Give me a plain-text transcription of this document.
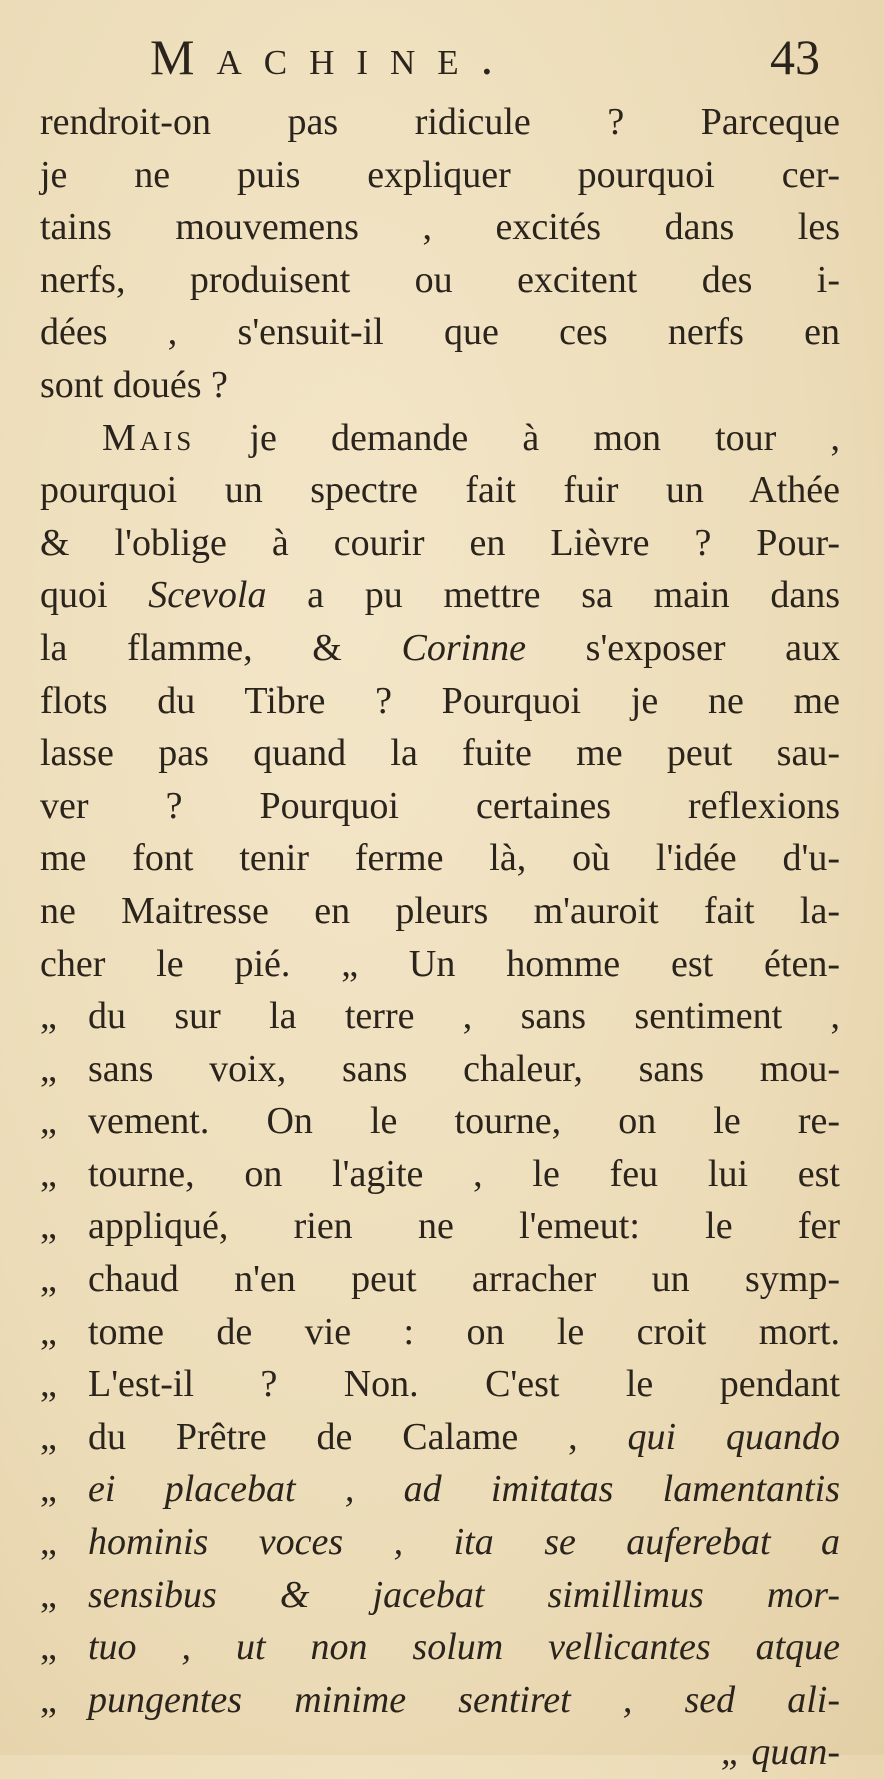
Machine.	43
rendroit-on pas ridicule ? Parceque
je ne puis expliquer pourquoi cer-
tains mouvemens , excités dans les
nerfs, produisent ou excitent des i-
dées , s'ensuit-il que ces nerfs en
sont doués ?
Mais je demande à mon tour ,
pourquoi un spectre fait fuir un Athée
& l'oblige à courir en Lièvre ? Pour-
quoi Scevola a pu mettre sa main dans
la flamme, & Corinne s'exposer aux
flots du Tibre ? Pourquoi je ne me
lasse pas quand la fuite me peut sau-
ver ? Pourquoi certaines reflexions
me font tenir ferme là, où l'idée d'u-
ne Maitresse en pleurs m'auroit fait la-
cher le pié. „ Un homme est éten-
„ du sur la terre , sans sentiment ,
„ sans voix, sans chaleur, sans mou-
„ vement. On le tourne, on le re-
„ tourne, on l'agite , le feu lui est
„ appliqué, rien ne l'emeut: le fer
„ chaud n'en peut arracher un symp-
„ tome de vie : on le croit mort.
„ L'est-il ? Non. C'est le pendant
„ du Prêtre de Calame , qui quando
„ ei placebat , ad imitatas lamentantis
„ hominis voces , ita se auferebat a
„ sensibus & jacebat simillimus mor-
„ tuo , ut non solum vellicantes atque
„ pungentes minime sentiret , sed ali-
„ quan-
